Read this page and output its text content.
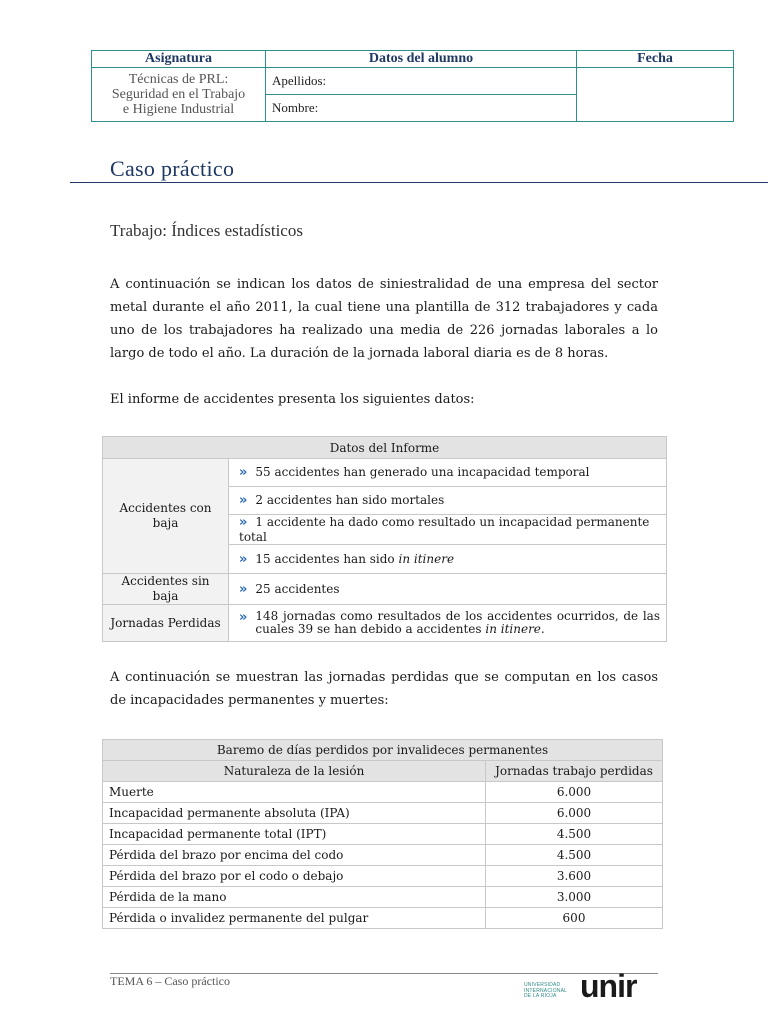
Asignatura	Datos del alumno	Fecha

Técnicas de PRL:
Seguridad en el Trabajo
e Higiene Industrial	Apellidos:	
	Nombre:	
Caso práctico
Trabajo: Índices estadísticos
A continuación se indican los datos de siniestralidad de una empresa del sector metal durante el año 2011, la cual tiene una plantilla de 312 trabajadores y cada uno de los trabajadores ha realizado una media de 226 jornadas laborales a lo largo de todo el año. La duración de la jornada laboral diaria es de 8 horas.
El informe de accidentes presenta los siguientes datos:
Datos del Informe	
Accidentes con baja	» 55 accidentes han generado una incapacidad temporal
	» 2 accidentes han sido mortales
	» 1 accidente ha dado como resultado un incapacidad permanente total
	» 15 accidentes han sido in itinere
Accidentes sin baja	» 25 accidentes
Jornadas Perdidas	» 148 jornadas como resultados de los accidentes ocurridos, de las cuales 39 se han debido a accidentes in itinere.
A continuación se muestran las jornadas perdidas que se computan en los casos de incapacidades permanentes y muertes:
Baremo de días perdidos por invalideces permanentes	
Naturaleza de la lesión	Jornadas trabajo perdidas
Muerte	6.000
Incapacidad permanente absoluta (IPA)	6.000
Incapacidad permanente total (IPT)	4.500
Pérdida del brazo por encima del codo	4.500
Pérdida del brazo por el codo o debajo	3.600
Pérdida de la mano	3.000
Pérdida o invalidez permanente del pulgar	600
TEMA 6 – Caso práctico	UNIVERSIDAD
INTERNACIONAL
DE LA RIOJA unir
